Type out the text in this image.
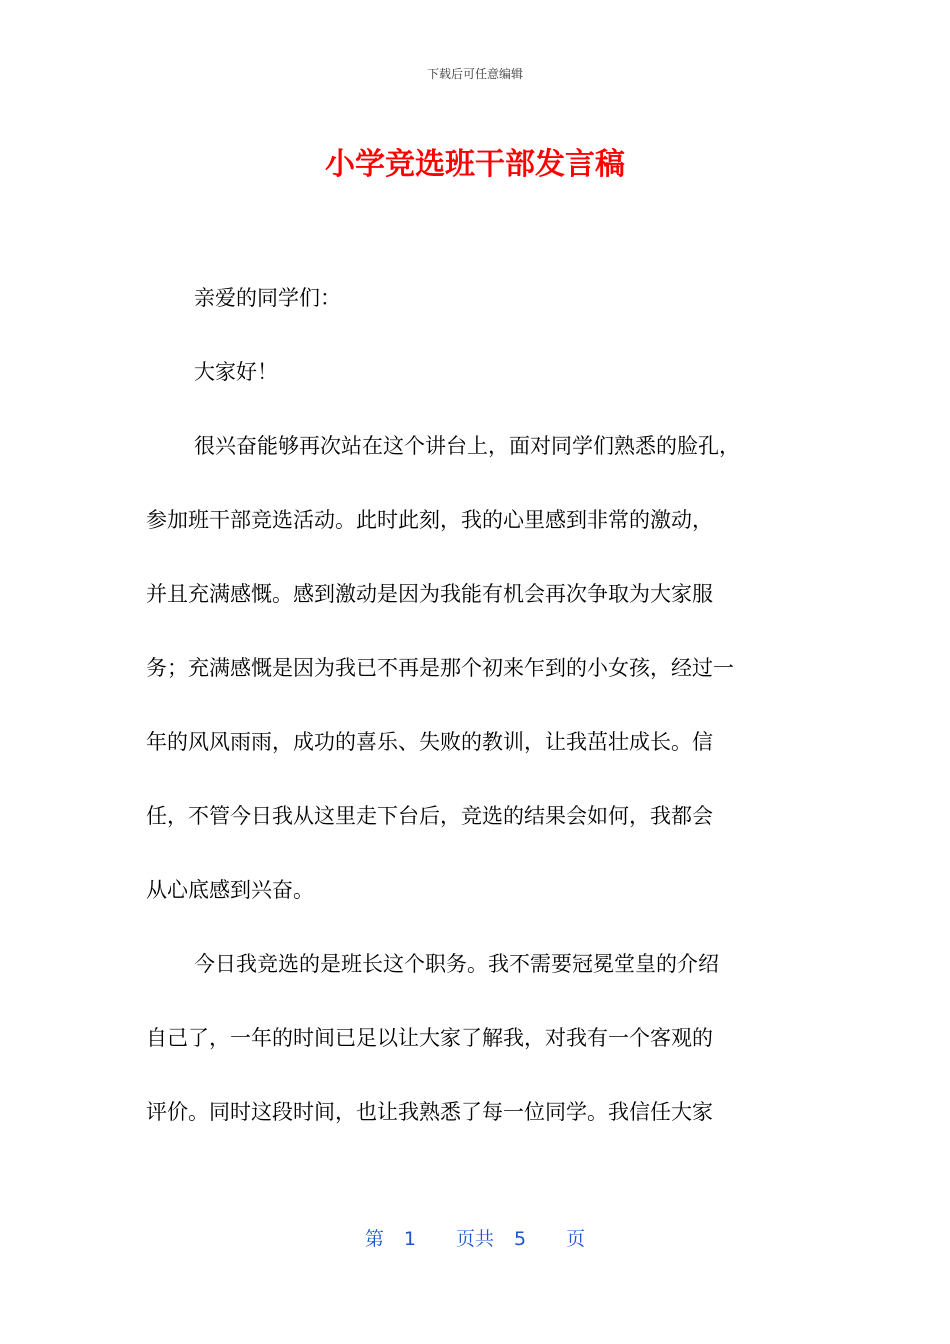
下载后可任意编辑
小学竞选班干部发言稿
亲爱的同学们：
大家好！
很兴奋能够再次站在这个讲台上，面对同学们熟悉的脸孔，
参加班干部竞选活动。此时此刻，我的心里感到非常的激动，
并且充满感慨。感到激动是因为我能有机会再次争取为大家服
务；充满感慨是因为我已不再是那个初来乍到的小女孩，经过一
年的风风雨雨，成功的喜乐、失败的教训，让我茁壮成长。信
任，不管今日我从这里走下台后，竞选的结果会如何，我都会
从心底感到兴奋。
今日我竞选的是班长这个职务。我不需要冠冕堂皇的介绍
自己了，一年的时间已足以让大家了解我，对我有一个客观的
评价。同时这段时间，也让我熟悉了每一位同学。我信任大家
第 1 页共 5 页
